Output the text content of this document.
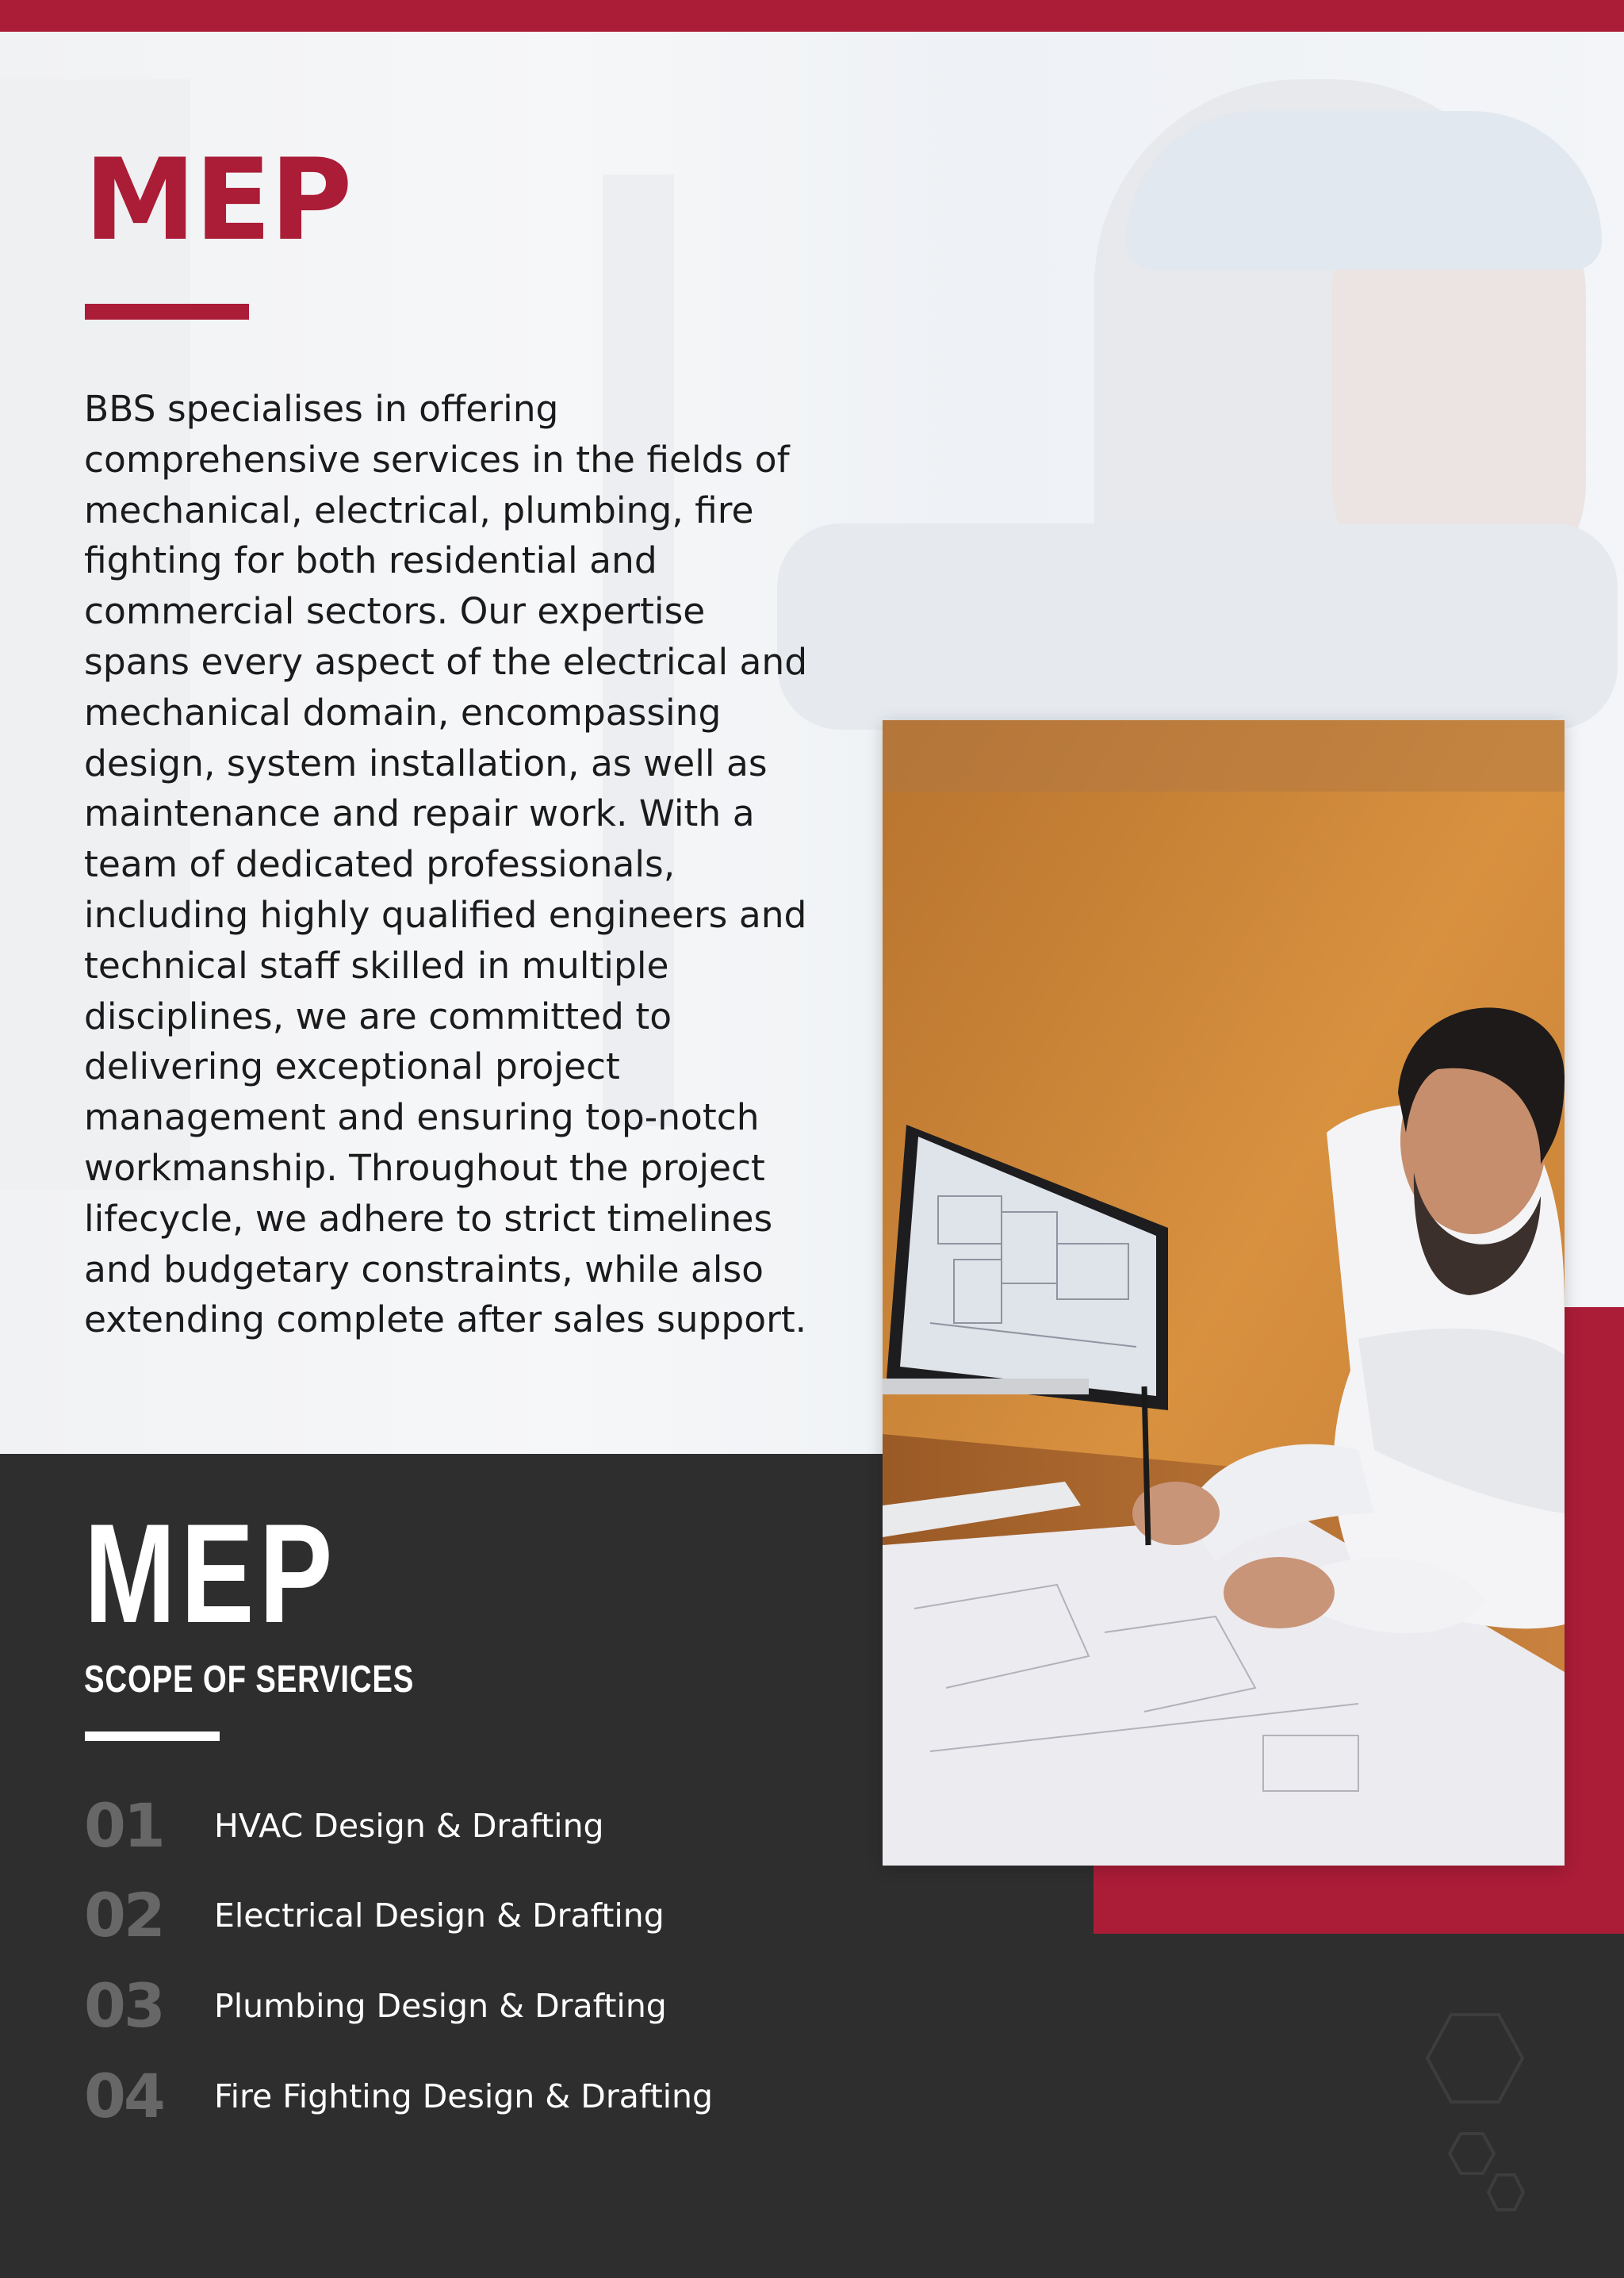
MEP
BBS specialises in offering
comprehensive services in the fields of
mechanical, electrical, plumbing, fire
fighting for both residential and
commercial sectors. Our expertise
spans every aspect of the electrical and
mechanical domain, encompassing
design, system installation, as well as
maintenance and repair work. With a
team of dedicated professionals,
including highly qualified engineers and
technical staff skilled in multiple
disciplines, we are committed to
delivering exceptional project
management and ensuring top-notch
workmanship. Throughout the project
lifecycle, we adhere to strict timelines
and budgetary constraints, while also
extending complete after sales support.
MEP
SCOPE OF SERVICES
01	HVAC Design & Drafting
02	Electrical Design & Drafting
03	Plumbing Design & Drafting
04	Fire Fighting Design & Drafting
